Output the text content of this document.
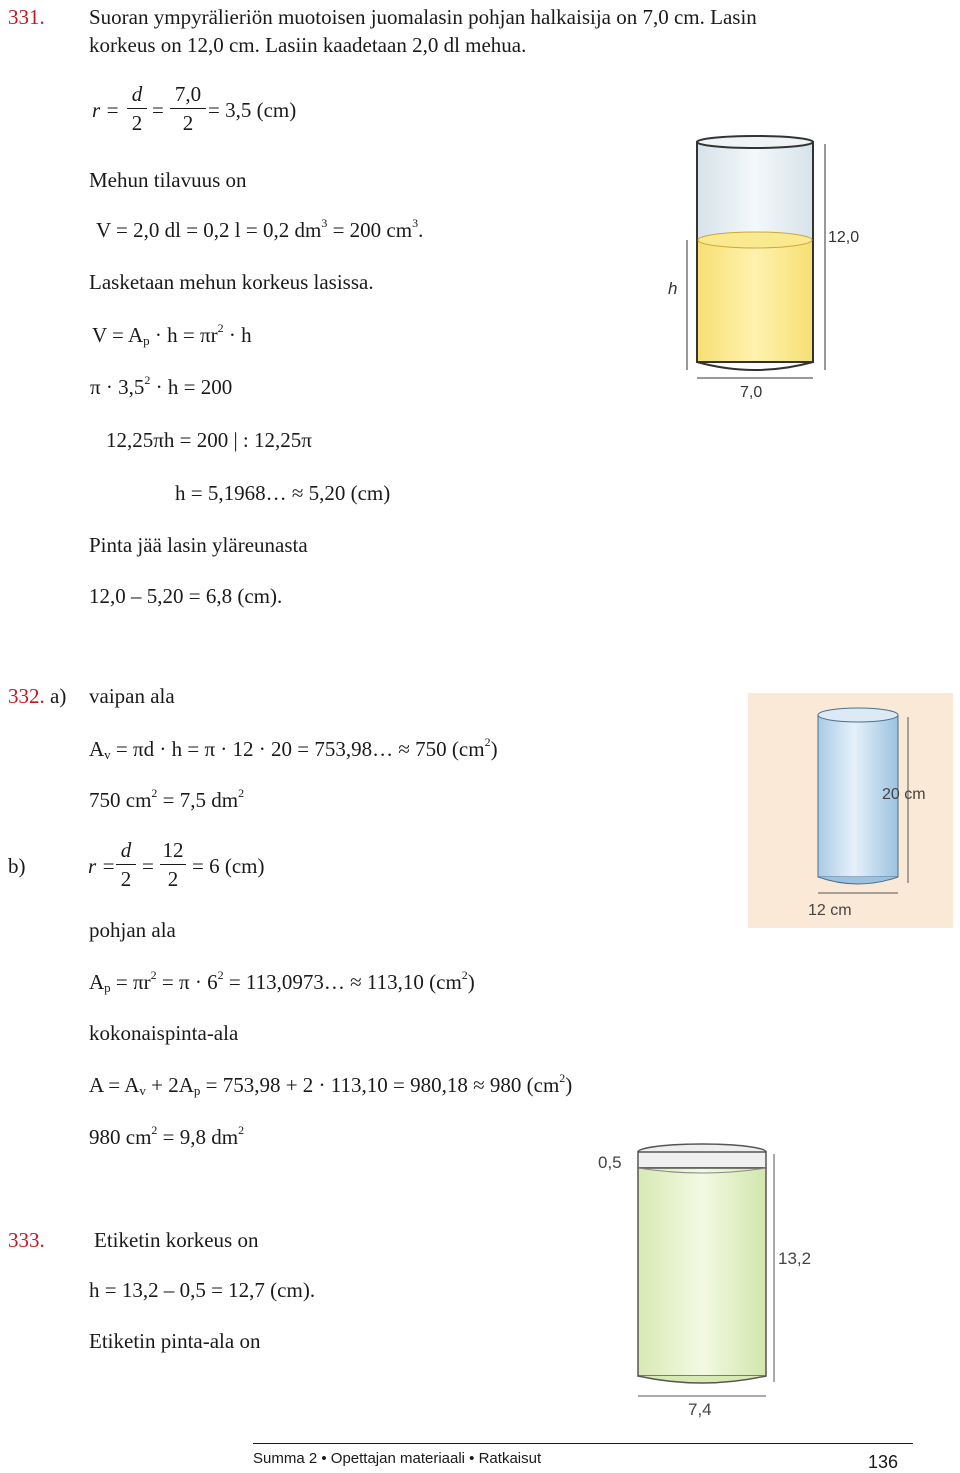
331. Suoran ympyrälieriön muotoisen juomalasin pohjan halkaisija on 7,0 cm. Lasin
korkeus on 12,0 cm. Lasiin kaadetaan 2,0 dl mehua.
r =
d
2
=
7,0
2
= 3,5 (cm)
Mehun tilavuus on
V = 2,0 dl = 0,2 l = 0,2 $dm^3 = 200$ $cm^3$.
Lasketaan mehun korkeus lasissa.
$V = A_p \cdot h = \pi r^2 \cdot h$
$\pi \cdot 3,5^2 \cdot h = 200$
12,25πh = 200 | : 12,25π
h = 5,1968… ≈ 5,20 (cm)
Pinta jää lasin yläreunasta
12,0 – 5,20 = 6,8 (cm).
12,0
h
7,0
332. a) vaipan ala
$A_v = \pi d \cdot h = \pi \cdot 12 \cdot 20$ = 753,98… ≈ 750 $(cm^2)$
750 $cm^2 = 7,5$ $dm^2$
b)	r =
d
2
=
12
2
= 6 (cm)
pohjan ala
$A_p = \pi r^2 = \pi \cdot 6^2$ = 113,0973… ≈ 113,10 $(cm^2)$
kokonaispinta-ala
$A = A_v + 2A_p = 753,98 + 2 \cdot 113,10 = 980,18 \approx 980$ $(cm^2)$
980 $cm^2 = 9,8$ $dm^2$
20 cm
12 cm
333. Etiketin korkeus on
h = 13,2 – 0,5 = 12,7 (cm).
Etiketin pinta-ala on
0,5
13,2
7,4
Summa 2 • Opettajan materiaali • Ratkaisut	136
